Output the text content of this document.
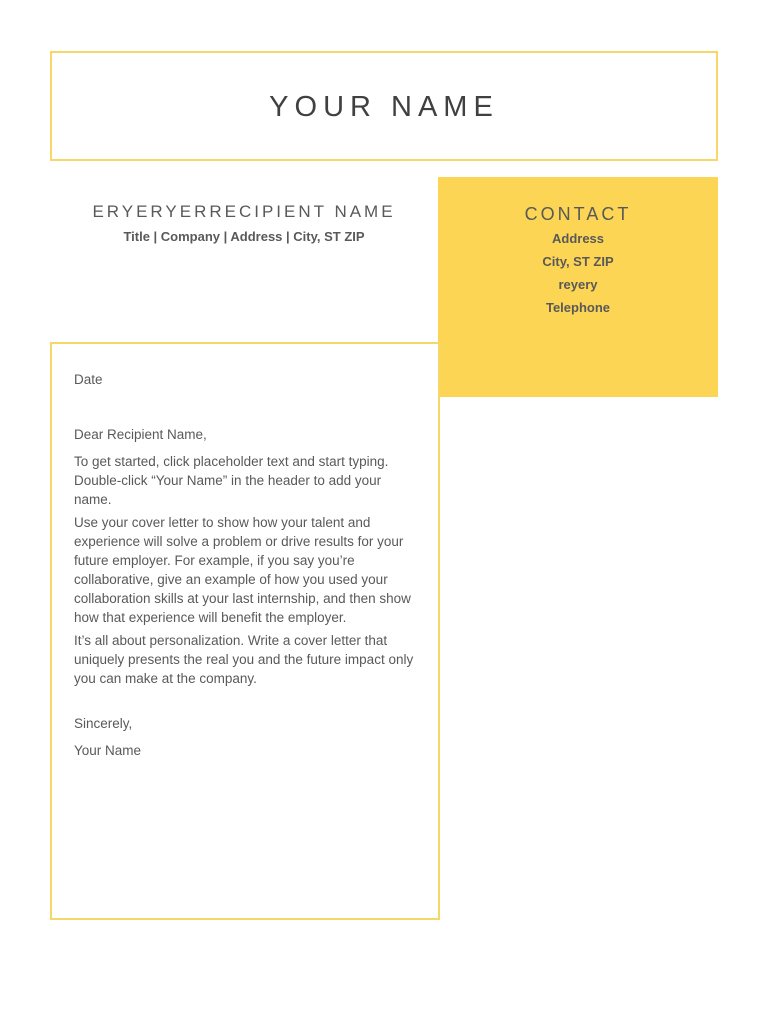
YOUR NAME
ERYERYERRECIPIENT NAME
Title | Company | Address | City, ST ZIP
CONTACT
Address
City, ST ZIP
reyery
Telephone

Date

Dear Recipient Name,

To get started, click placeholder text and start typing. Double-click “Your Name” in the header to add your name.

Use your cover letter to show how your talent and experience will solve a problem or drive results for your future employer. For example, if you say you’re collaborative, give an example of how you used your collaboration skills at your last internship, and then show how that experience will benefit the employer.

It’s all about personalization. Write a cover letter that uniquely presents the real you and the future impact only you can make at the company.

Sincerely,

Your Name
